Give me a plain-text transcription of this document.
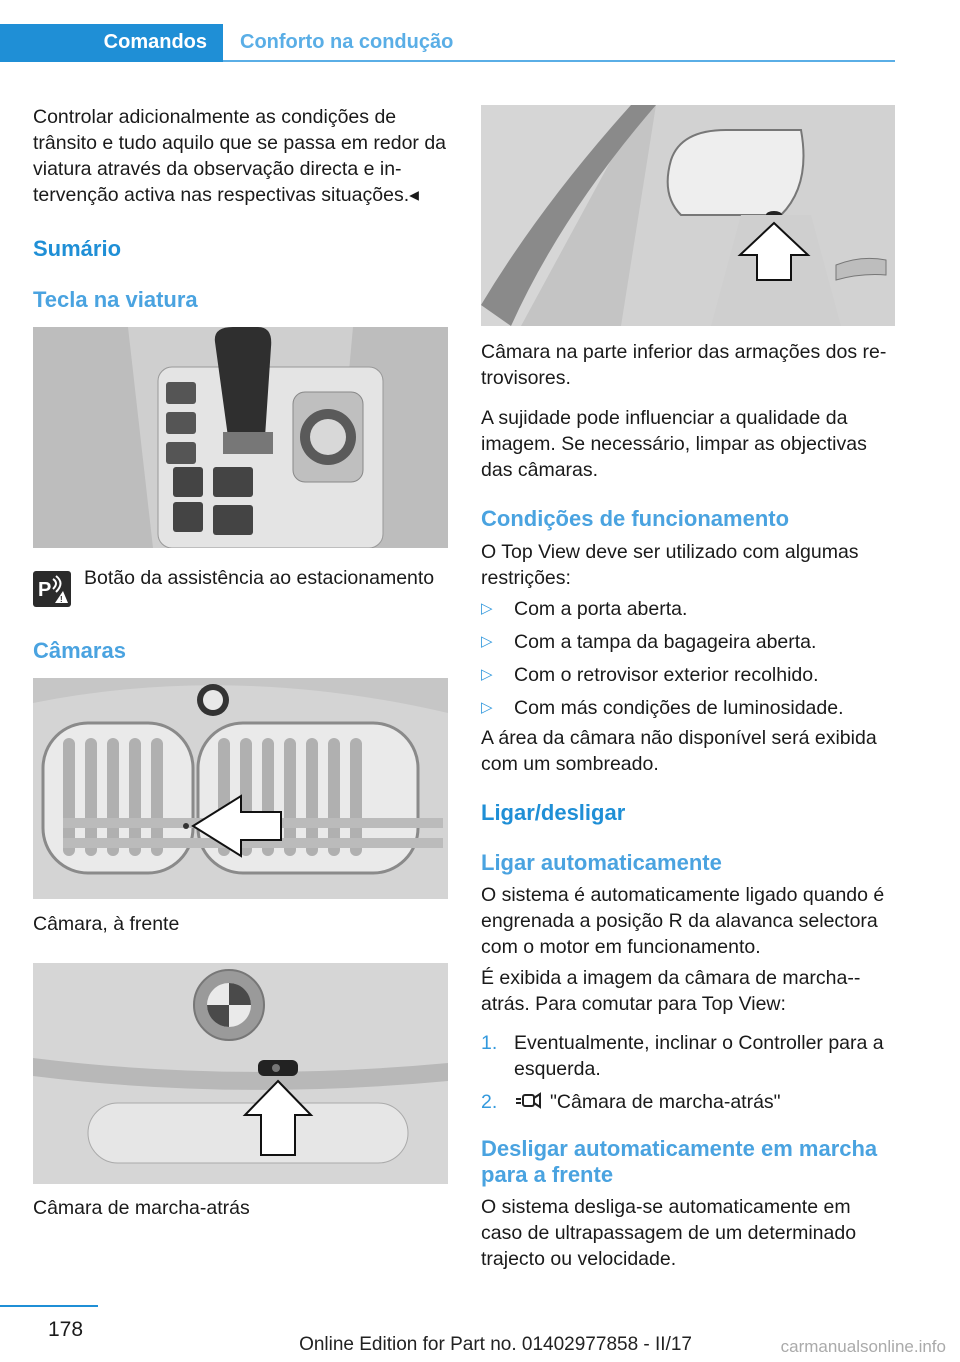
Comandos	Conforto na condução

Controlar adicionalmente as condições de trânsito e tudo aquilo que se passa em redor da viatura através da observação directa e intervenção activa nas respectivas situações.◂

Sumário
Tecla na viatura
P !

Botão da assistência ao estacionamento

Câmaras

Câmara, à frente

Câmara de marcha-atrás

Câmara na parte inferior das armações dos retrovisores.

A sujidade pode influenciar a qualidade da imagem. Se necessário, limpar as objectivas das câmaras.

Condições de funcionamento

O Top View deve ser utilizado com algumas restrições:

▷ Com a porta aberta.
▷ Com a tampa da bagageira aberta.
▷ Com o retrovisor exterior recolhido.
▷ Com más condições de luminosidade.

A área da câmara não disponível será exibida com um sombreado.

Ligar/desligar
Ligar automaticamente

O sistema é automaticamente ligado quando é engrenada a posição R da alavanca selectora com o motor em funcionamento.

É exibida a imagem da câmara de marcha-atrás. Para comutar para Top View:

1. Eventualmente, inclinar o Controller para a esquerda.
2.	"Câmara de marcha-atrás"
Desligar automaticamente em marcha para a frente

O sistema desliga-se automaticamente em caso de ultrapassagem de um determinado trajecto ou velocidade.

178
Online Edition for Part no. 01402977858 - II/17	carmanualsonline.info
